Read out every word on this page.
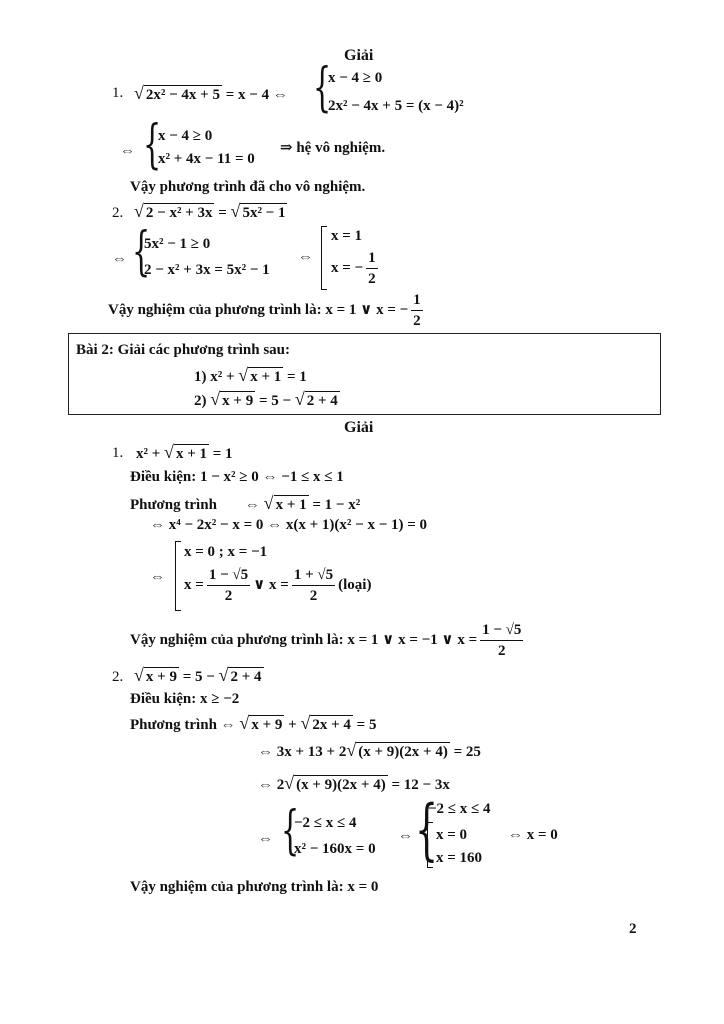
Giải
1. √ 2x² − 4x + 5 = x − 4 ⇔ {
x − 4 ≥ 0
2x² − 4x + 5 = (x − 4)²
⇔ {
x − 4 ≥ 0
x² + 4x − 11 = 0
⇒ hệ vô nghiệm.
Vậy phương trình đã cho vô nghiệm.
2. √ 2 − x² + 3x = √ 5x² − 1
⇔ {
5x² − 1 ≥ 0
2 − x² + 3x = 5x² − 1
⇔
x = 1
x = − $\frac{1}{2}$
Vậy nghiệm của phương trình là: x = 1 ∨ x = − $\frac{1}{2}$
Bài 2: Giải các phương trình sau:
1) x² + √ x + 1 = 1
2) √ x + 9 = 5 − √ 2 + 4
Giải
1. x² + √ x + 1 = 1
Điều kiện: 1 − x² ≥ 0 ⇔ −1 ≤ x ≤ 1
Phương trình ⇔ √ x + 1 = 1 − x²
⇔ x⁴ − 2x² − x = 0 ⇔ x(x + 1)(x² − x − 1) = 0
⇔
x = 0 ; x = −1
$x = \frac{1 - √5}{2}$ ∨ $x = \frac{1 + √5}{2}$ (loại)
Vậy nghiệm của phương trình là: x = 1 ∨ x = −1 ∨ $x = \frac{1 - √5}{2}$
2. √ x + 9 = 5 − √ 2 + 4
Điều kiện: x ≥ −2
Phương trình ⇔ √ x + 9 + √ 2x + 4 = 5
⇔ 3x + 13 + 2√ (x + 9)(2x + 4) = 25
⇔ 2√ (x + 9)(2x + 4) = 12 − 3x
⇔ {
−2 ≤ x ≤ 4
x² − 160x = 0
⇔ {
−2 ≤ x ≤ 4
x = 0
x = 160
⇔ x = 0
Vậy nghiệm của phương trình là: x = 0
2
